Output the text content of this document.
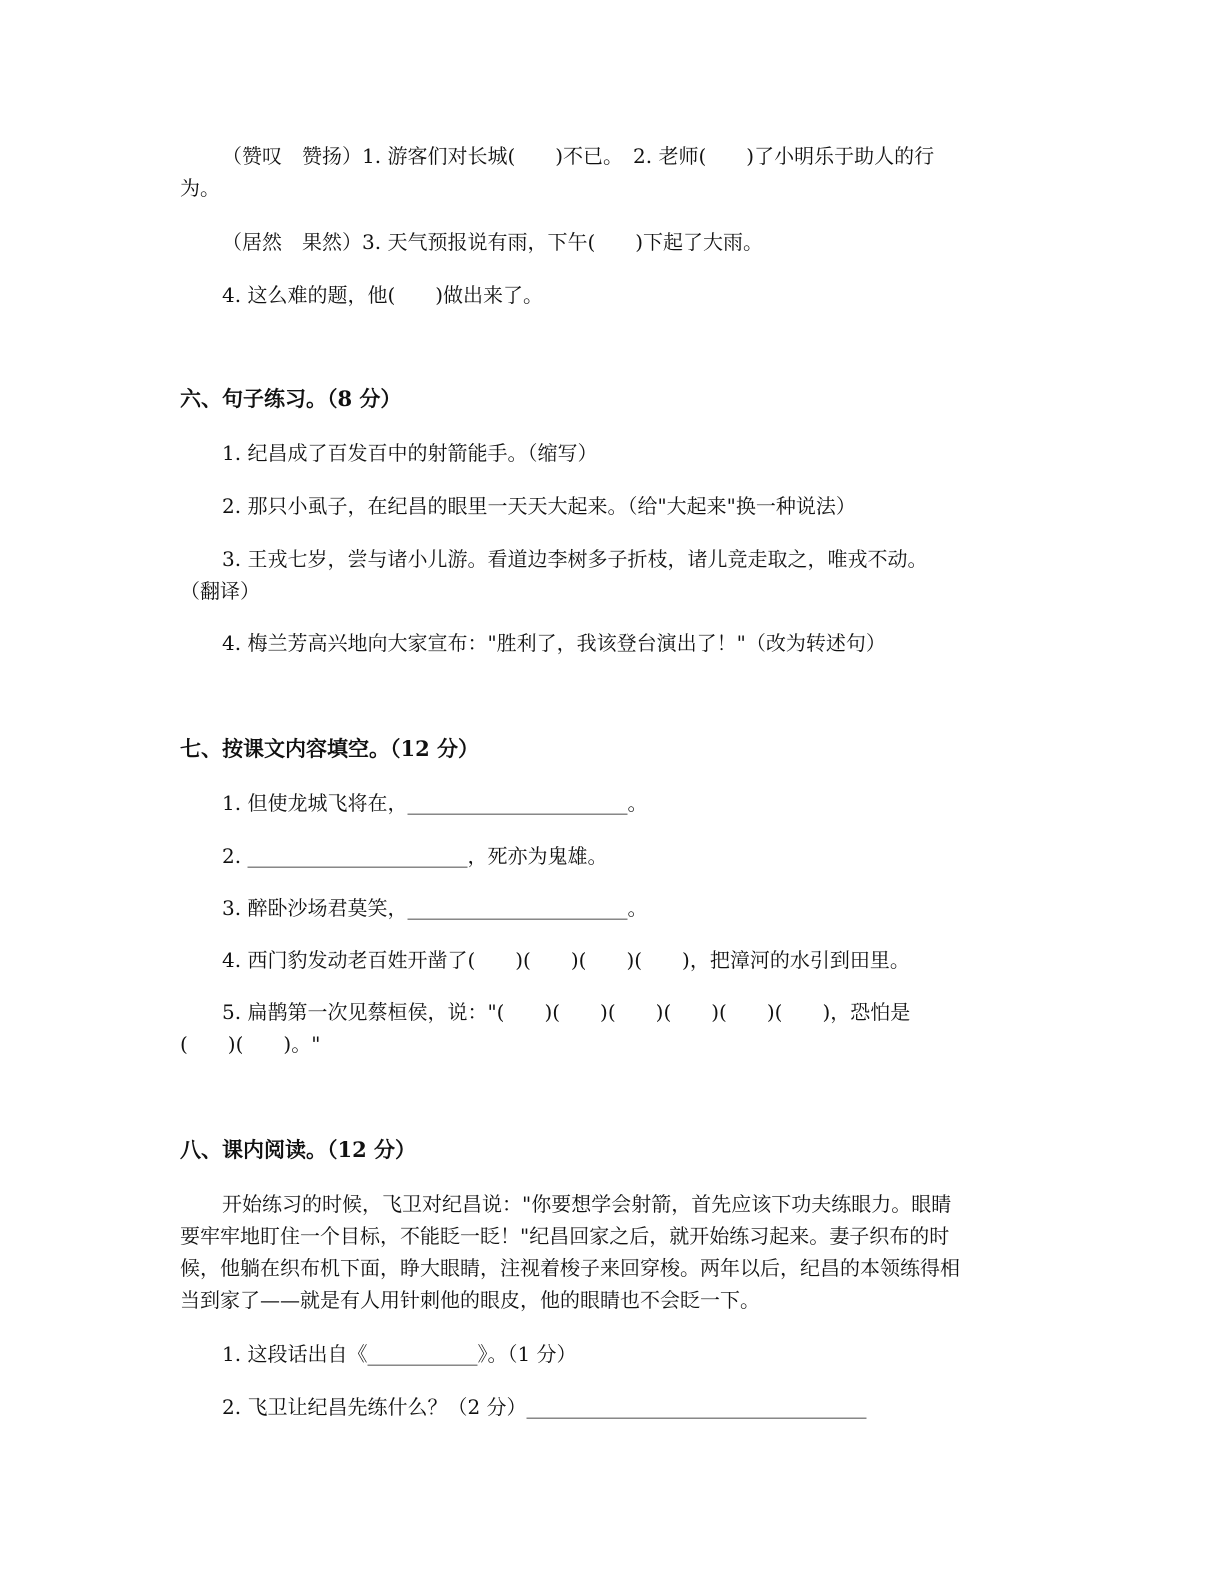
（赞叹　赞扬）1. 游客们对长城(　　)不已。　2. 老师(　　)了小明乐于助人的行
为。
（居然　果然）3. 天气预报说有雨，下午(　　)下起了大雨。
4. 这么难的题，他(　　)做出来了。
六、句子练习。（8 分）
1. 纪昌成了百发百中的射箭能手。（缩写）
2. 那只小虱子，在纪昌的眼里一天天大起来。（给"大起来"换一种说法）
3. 王戎七岁，尝与诸小儿游。看道边李树多子折枝，诸儿竞走取之，唯戎不动。
（翻译）
4. 梅兰芳高兴地向大家宣布："胜利了，我该登台演出了！"（改为转述句）
七、按课文内容填空。（12 分）
1. 但使龙城飞将在，______________________。
2. ______________________，死亦为鬼雄。
3. 醉卧沙场君莫笑，______________________。
4. 西门豹发动老百姓开凿了(　　)(　　)(　　)(　　)，把漳河的水引到田里。
5. 扁鹊第一次见蔡桓侯，说："(　　)(　　)(　　)(　　)(　　)(　　)，恐怕是
(　　)(　　)。"
八、课内阅读。（12 分）
开始练习的时候，飞卫对纪昌说："你要想学会射箭，首先应该下功夫练眼力。眼睛
要牢牢地盯住一个目标，不能眨一眨！"纪昌回家之后，就开始练习起来。妻子织布的时
候，他躺在织布机下面，睁大眼睛，注视着梭子来回穿梭。两年以后，纪昌的本领练得相
当到家了——就是有人用针刺他的眼皮，他的眼睛也不会眨一下。
1. 这段话出自《___________》。（1 分）
2. 飞卫让纪昌先练什么？（2 分）__________________________________
